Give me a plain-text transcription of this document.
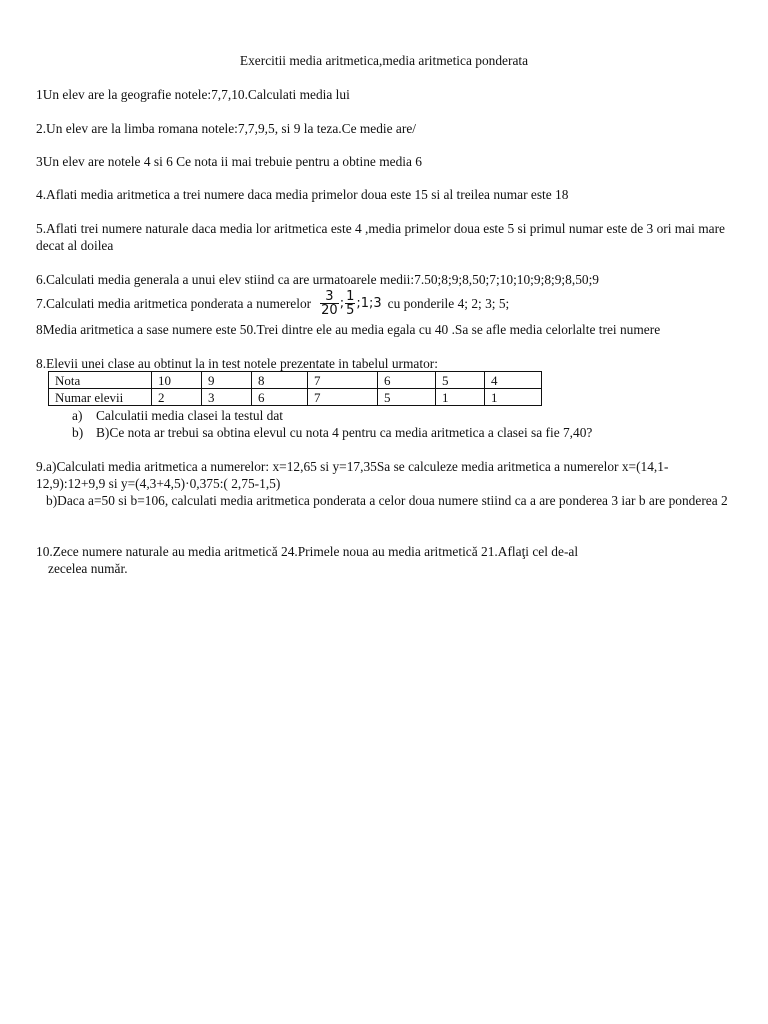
Exercitii media aritmetica,media aritmetica ponderata
1Un elev are la geografie notele:7,7,10.Calculati media lui
2.Un elev are la limba romana notele:7,7,9,5, si 9 la teza.Ce medie are/
3Un elev are notele 4 si 6 Ce nota ii mai trebuie pentru a obtine media 6
4.Aflati media aritmetica a trei numere daca media primelor doua este 15 si al treilea numar este 18
5.Aflati trei numere naturale daca media lor aritmetica este 4 ,media primelor doua este 5 si primul numar este de 3 ori mai mare decat al doilea
6.Calculati media generala a unui elev stiind ca are urmatoarele medii:7.50;8;9;8,50;7;10;10;9;8;9;8,50;9
7.Calculati media aritmetica ponderata a numerelor $\frac{3}{20}$ ; $\frac{1}{5}$ ;1;3 cu ponderile 4; 2; 3; 5;
8Media aritmetica a sase numere este 50.Trei dintre ele au media egala cu 40 .Sa se afle media celorlalte trei numere
8.Elevii unei clase au obtinut la in test notele prezentate in tabelul urmator:
Nota	10	9	8	7	6	5	4
Numar elevii	2	3	6	7	5	1	1
a) Calculatii media clasei la testul dat
b) B)Ce nota ar trebui sa obtina elevul cu nota 4 pentru ca media aritmetica a clasei sa fie 7,40?
9.a)Calculati media aritmetica a numerelor: x=12,65 si y=17,35Sa se calculeze media aritmetica a numerelor x=(14,1-12,9):12+9,9 si y=(4,3+4,5)·0,375:( 2,75-1,5)
b)Daca a=50 si b=106, calculati media aritmetica ponderata a celor doua numere stiind ca a are ponderea 3 iar b are ponderea 2
10.Zece numere naturale au media aritmetică 24.Primele noua au media aritmetică 21.Aflaţi cel de-al
zecelea număr.
